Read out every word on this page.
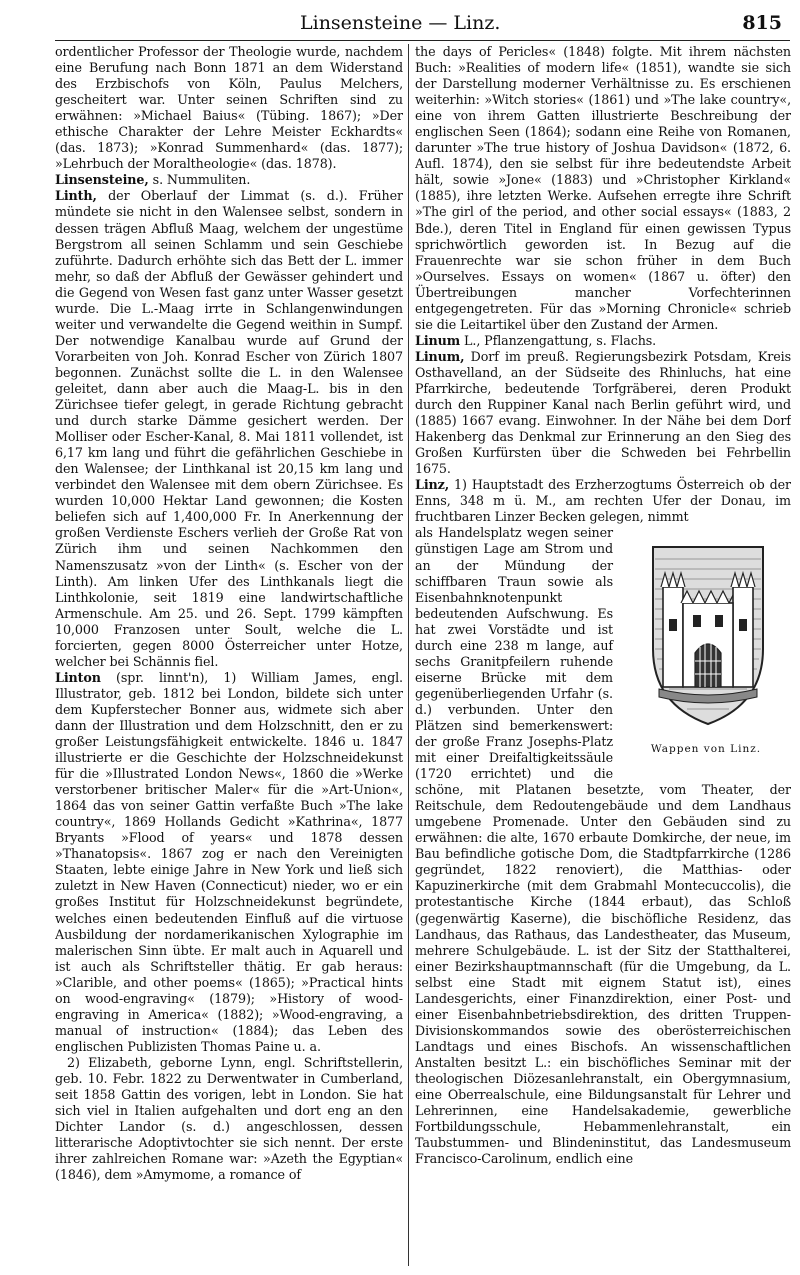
Linsensteine — Linz.	815

ordentlicher Professor der Theologie wurde, nachdem eine Berufung nach Bonn 1871 an dem Widerstand des Erzbischofs von Köln, Paulus Melchers, gescheitert war. Unter seinen Schriften sind zu erwähnen: »Michael Baius« (Tübing. 1867); »Der ethische Charakter der Lehre Meister Eckhardts« (das. 1873); »Konrad Summenhard« (das. 1877); »Lehrbuch der Moraltheologie« (das. 1878).

Linsensteine, s. Nummuliten.

Linth, der Oberlauf der Limmat (s. d.). Früher mündete sie nicht in den Walensee selbst, sondern in dessen trägen Abfluß Maag, welchem der ungestüme Bergstrom all seinen Schlamm und sein Geschiebe zuführte. Dadurch erhöhte sich das Bett der L. immer mehr, so daß der Abfluß der Gewässer gehindert und die Gegend von Wesen fast ganz unter Wasser gesetzt wurde. Die L.-Maag irrte in Schlangenwindungen weiter und verwandelte die Gegend weithin in Sumpf. Der notwendige Kanalbau wurde auf Grund der Vorarbeiten von Joh. Konrad Escher von Zürich 1807 begonnen. Zunächst sollte die L. in den Walensee geleitet, dann aber auch die Maag-L. bis in den Zürichsee tiefer gelegt, in gerade Richtung gebracht und durch starke Dämme gesichert werden. Der Molliser oder Escher-Kanal, 8. Mai 1811 vollendet, ist 6,17 km lang und führt die gefährlichen Geschiebe in den Walensee; der Linthkanal ist 20,15 km lang und verbindet den Walensee mit dem obern Zürichsee. Es wurden 10,000 Hektar Land gewonnen; die Kosten beliefen sich auf 1,400,000 Fr. In Anerkennung der großen Verdienste Eschers verlieh der Große Rat von Zürich ihm und seinen Nachkommen den Namenszusatz »von der Linth« (s. Escher von der Linth). Am linken Ufer des Linthkanals liegt die Linthkolonie, seit 1819 eine landwirtschaftliche Armenschule. Am 25. und 26. Sept. 1799 kämpften 10,000 Franzosen unter Soult, welche die L. forcierten, gegen 8000 Österreicher unter Hotze, welcher bei Schännis fiel.

Linton (spr. linnt'n), 1) William James, engl. Illustrator, geb. 1812 bei London, bildete sich unter dem Kupferstecher Bonner aus, widmete sich aber dann der Illustration und dem Holzschnitt, den er zu großer Leistungsfähigkeit entwickelte. 1846 u. 1847 illustrierte er die Geschichte der Holzschneidekunst für die »Illustrated London News«, 1860 die »Werke verstorbener britischer Maler« für die »Art-Union«, 1864 das von seiner Gattin verfaßte Buch »The lake country«, 1869 Hollands Gedicht »Kathrina«, 1877 Bryants »Flood of years« und 1878 dessen »Thanatopsis«. 1867 zog er nach den Vereinigten Staaten, lebte einige Jahre in New York und ließ sich zuletzt in New Haven (Connecticut) nieder, wo er ein großes Institut für Holzschneidekunst begründete, welches einen bedeutenden Einfluß auf die virtuose Ausbildung der nordamerikanischen Xylographie im malerischen Sinn übte. Er malt auch in Aquarell und ist auch als Schriftsteller thätig. Er gab heraus: »Clarible, and other poems« (1865); »Practical hints on wood-engraving« (1879); »History of wood-engraving in America« (1882); »Wood-engraving, a manual of instruction« (1884); das Leben des englischen Publizisten Thomas Paine u. a.

2) Elizabeth, geborne Lynn, engl. Schriftstellerin, geb. 10. Febr. 1822 zu Derwentwater in Cumberland, seit 1858 Gattin des vorigen, lebt in London. Sie hat sich viel in Italien aufgehalten und dort eng an den Dichter Landor (s. d.) angeschlossen, dessen litterarische Adoptivtochter sie sich nennt. Der erste ihrer zahlreichen Romane war: »Azeth the Egyptian« (1846), dem »Amymome, a romance of

the days of Pericles« (1848) folgte. Mit ihrem nächsten Buch: »Realities of modern life« (1851), wandte sie sich der Darstellung moderner Verhältnisse zu. Es erschienen weiterhin: »Witch stories« (1861) und »The lake country«, eine von ihrem Gatten illustrierte Beschreibung der englischen Seen (1864); sodann eine Reihe von Romanen, darunter »The true history of Joshua Davidson« (1872, 6. Aufl. 1874), den sie selbst für ihre bedeutendste Arbeit hält, sowie »Jone« (1883) und »Christopher Kirkland« (1885), ihre letzten Werke. Aufsehen erregte ihre Schrift »The girl of the period, and other social essays« (1883, 2 Bde.), deren Titel in England für einen gewissen Typus sprichwörtlich geworden ist. In Bezug auf die Frauenrechte war sie schon früher in dem Buch »Ourselves. Essays on women« (1867 u. öfter) den Übertreibungen mancher Vorfechterinnen entgegengetreten. Für das »Morning Chronicle« schrieb sie die Leitartikel über den Zustand der Armen.

Linum L., Pflanzengattung, s. Flachs.

Linum, Dorf im preuß. Regierungsbezirk Potsdam, Kreis Osthavelland, an der Südseite des Rhinluchs, hat eine Pfarrkirche, bedeutende Torfgräberei, deren Produkt durch den Ruppiner Kanal nach Berlin geführt wird, und (1885) 1667 evang. Einwohner. In der Nähe bei dem Dorf Hakenberg das Denkmal zur Erinnerung an den Sieg des Großen Kurfürsten über die Schweden bei Fehrbellin 1675.

Linz, 1) Hauptstadt des Erzherzogtums Österreich ob der Enns, 348 m ü. M., am rechten Ufer der Donau, im fruchtbaren Linzer Becken gelegen, nimmt

Wappen von Linz.
als Handelsplatz wegen seiner günstigen Lage am Strom und an der Mündung der schiffbaren Traun sowie als Eisenbahnknotenpunkt bedeutenden Aufschwung. Es hat zwei Vorstädte und ist durch eine 238 m lange, auf sechs Granitpfeilern ruhende eiserne Brücke mit dem gegenüberliegenden Urfahr (s. d.) verbunden. Unter den Plätzen sind bemerkenswert: der große Franz Josephs-Platz mit einer Dreifaltigkeitssäule (1720 errichtet) und die schöne, mit Platanen besetzte, vom Theater, der Reitschule, dem Redoutengebäude und dem Landhaus umgebene Promenade. Unter den Gebäuden sind zu erwähnen: die alte, 1670 erbaute Domkirche, der neue, im Bau befindliche gotische Dom, die Stadtpfarrkirche (1286 gegründet, 1822 renoviert), die Matthias- oder Kapuzinerkirche (mit dem Grabmahl Montecuccolis), die protestantische Kirche (1844 erbaut), das Schloß (gegenwärtig Kaserne), die bischöfliche Residenz, das Landhaus, das Rathaus, das Landestheater, das Museum, mehrere Schulgebäude. L. ist der Sitz der Statthalterei, einer Bezirkshauptmannschaft (für die Umgebung, da L. selbst eine Stadt mit eignem Statut ist), eines Landesgerichts, einer Finanzdirektion, einer Post- und einer Eisenbahnbetriebsdirektion, des dritten Truppen-Divisionskommandos sowie des oberösterreichischen Landtags und eines Bischofs. An wissenschaftlichen Anstalten besitzt L.: ein bischöfliches Seminar mit der theologischen Diözesanlehranstalt, ein Obergymnasium, eine Oberrealschule, eine Bildungsanstalt für Lehrer und Lehrerinnen, eine Handelsakademie, gewerbliche Fortbildungsschule, Hebammenlehranstalt, ein Taubstummen- und Blindeninstitut, das Landesmuseum Francisco-Carolinum, endlich eine
